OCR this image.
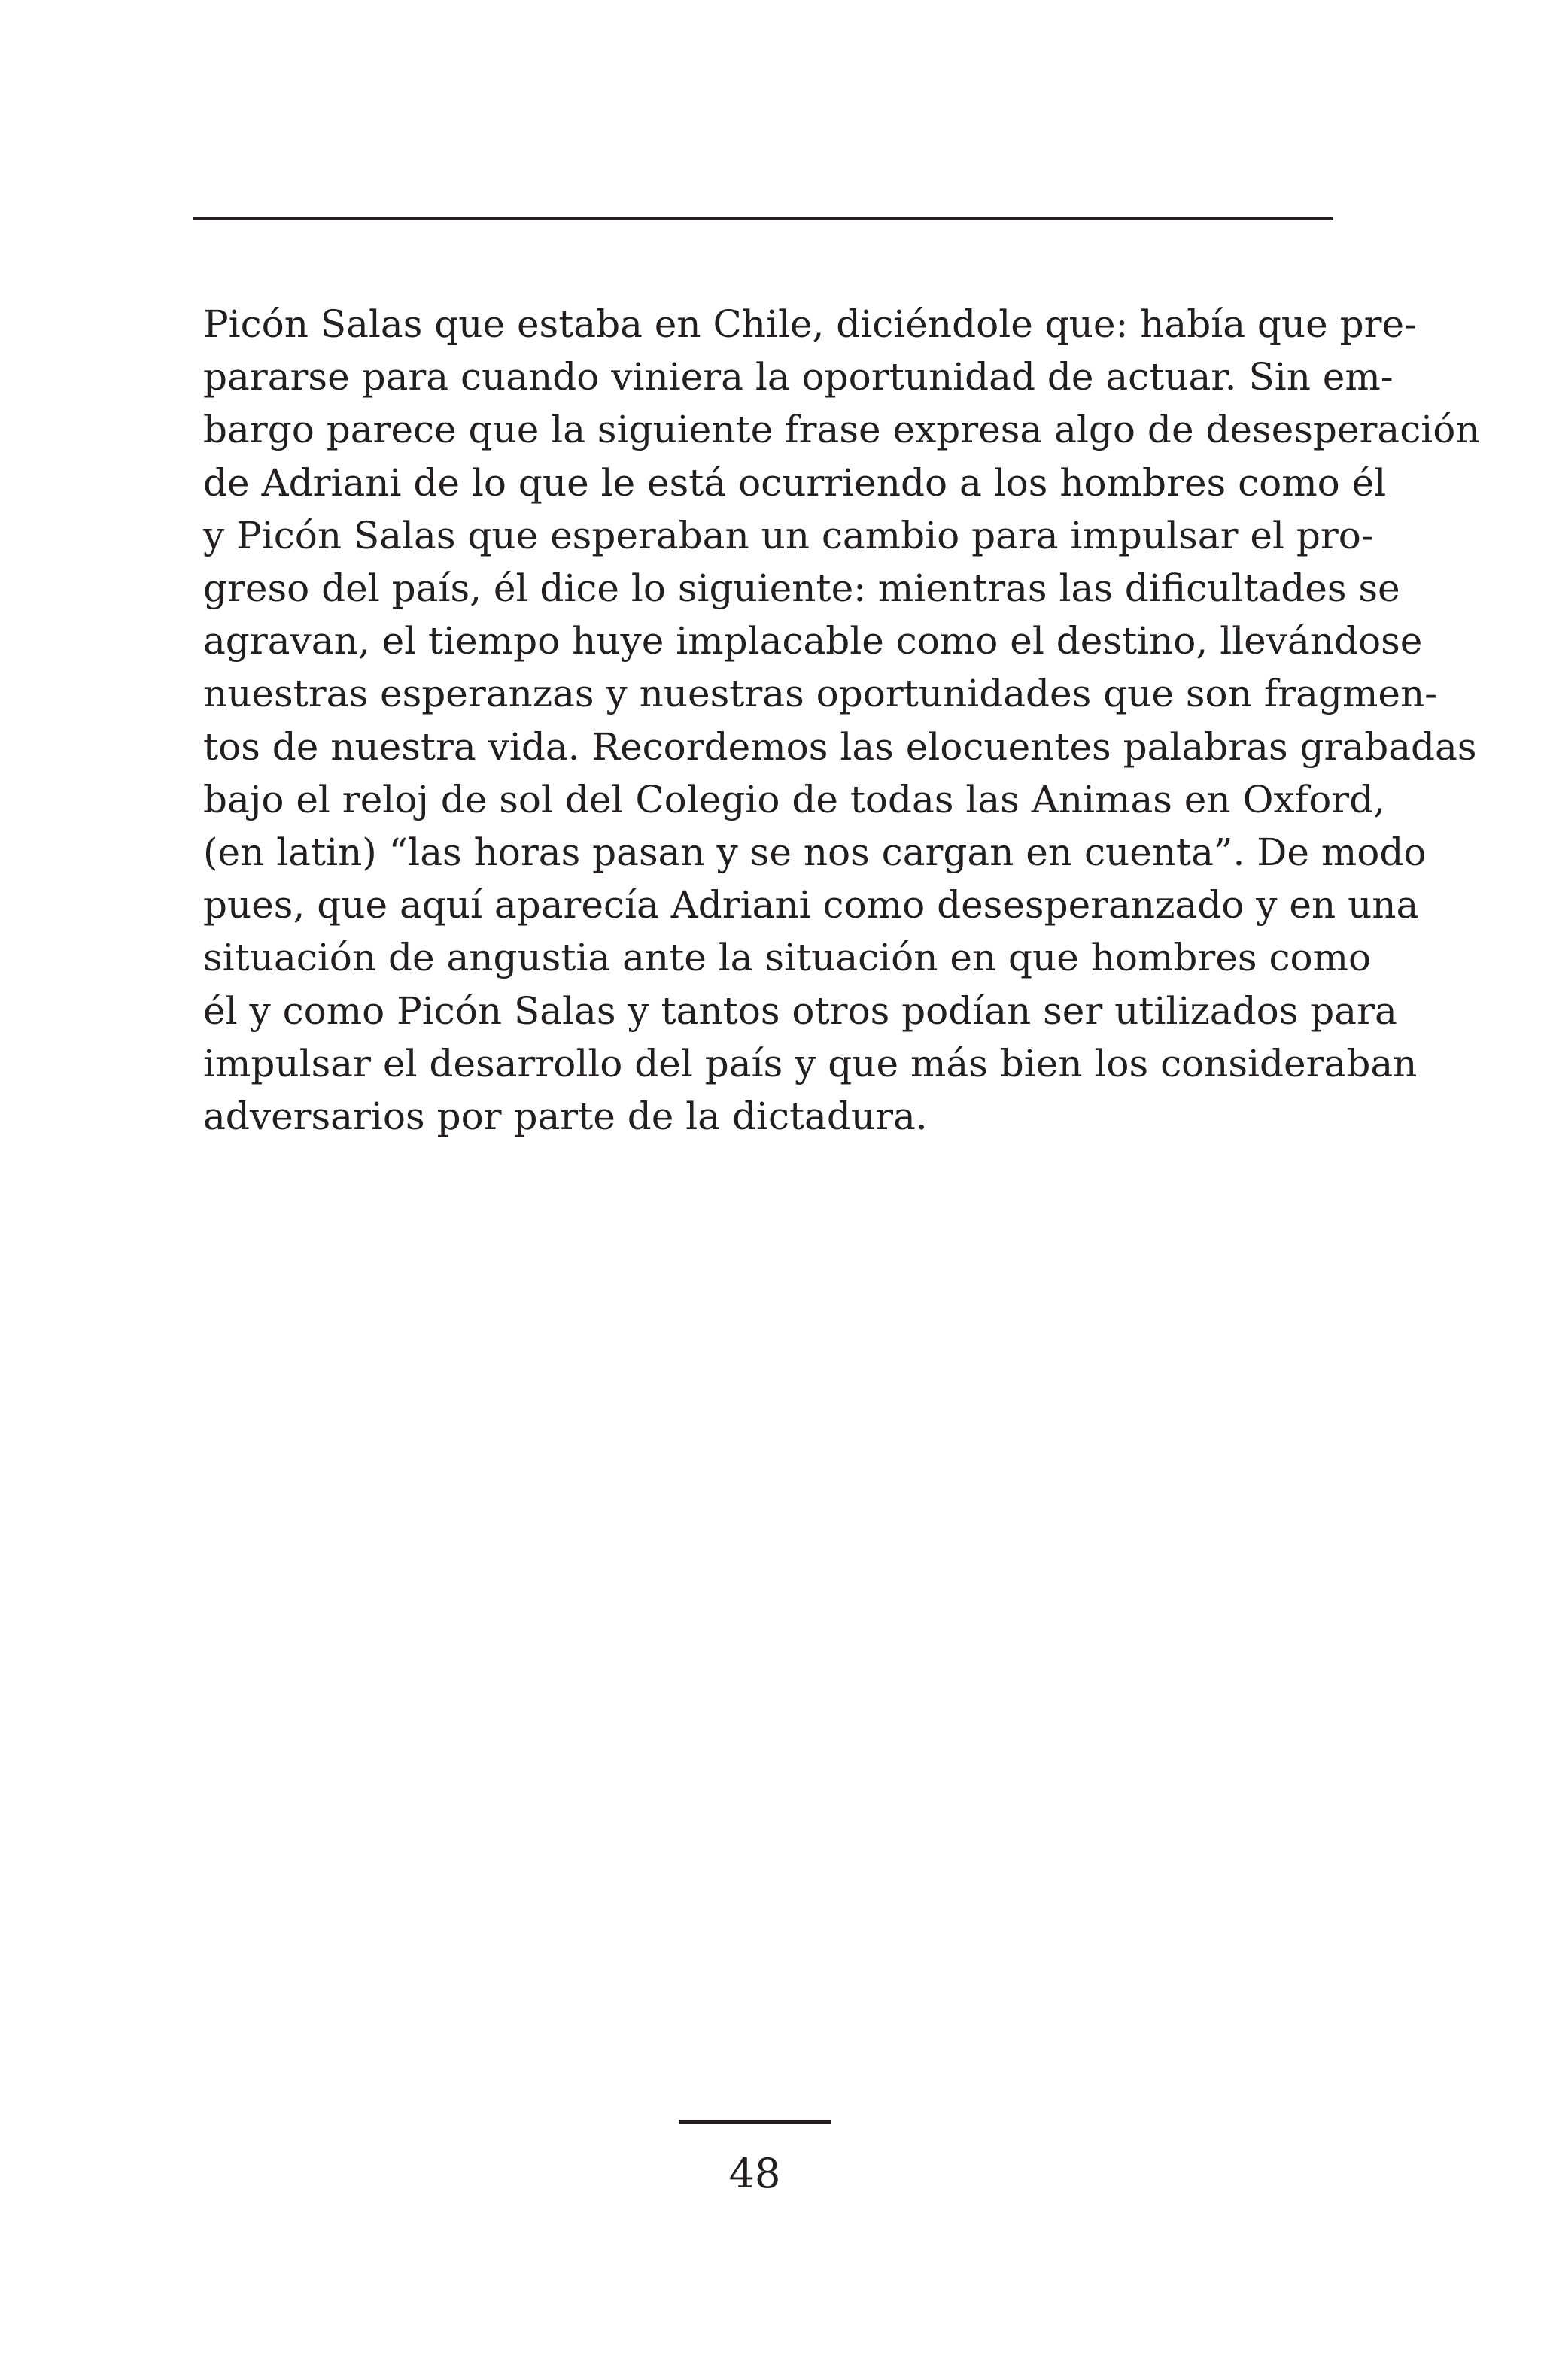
Picón Salas que estaba en Chile, diciéndole que: había que pre-
pararse para cuando viniera la oportunidad de actuar. Sin em-
bargo parece que la siguiente frase expresa algo de desesperación
de Adriani de lo que le está ocurriendo a los hombres como él
y Picón Salas que esperaban un cambio para impulsar el pro-
greso del país, él dice lo siguiente: mientras las dificultades se
agravan, el tiempo huye implacable como el destino, llevándose
nuestras esperanzas y nuestras oportunidades que son fragmen-
tos de nuestra vida. Recordemos las elocuentes palabras grabadas
bajo el reloj de sol del Colegio de todas las Animas en Oxford,
(en latin) “las horas pasan y se nos cargan en cuenta”. De modo
pues, que aquí aparecía Adriani como desesperanzado y en una
situación de angustia ante la situación en que hombres como
él y como Picón Salas y tantos otros podían ser utilizados para
impulsar el desarrollo del país y que más bien los consideraban
adversarios por parte de la dictadura.

48
